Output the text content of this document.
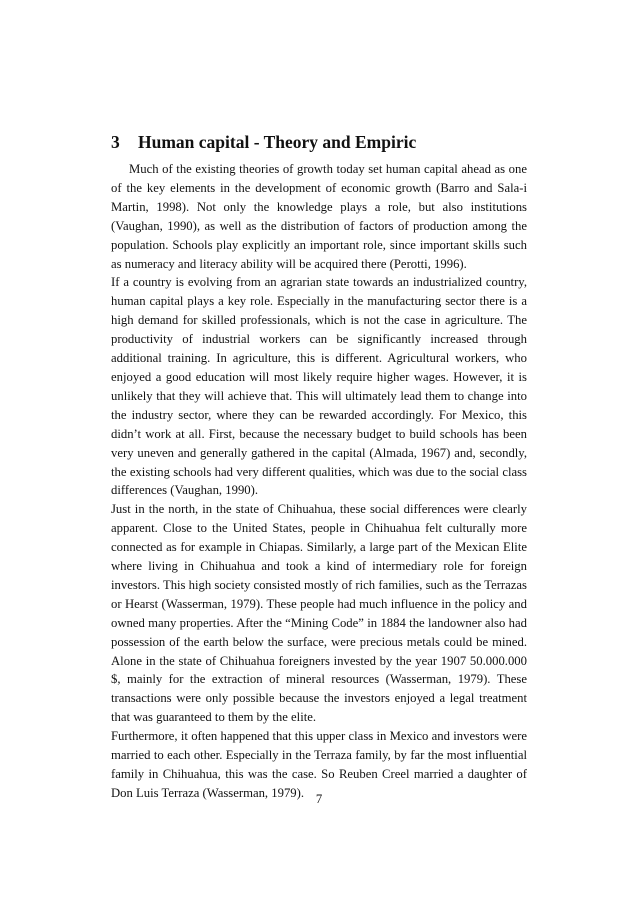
3 Human capital - Theory and Empiric

Much of the existing theories of growth today set human capital ahead as one of the key elements in the development of economic growth (Barro and Sala-i Martin, 1998). Not only the knowledge plays a role, but also institutions (Vaughan, 1990), as well as the distribution of factors of production among the population. Schools play explicitly an important role, since important skills such as numeracy and literacy ability will be acquired there (Perotti, 1996).

If a country is evolving from an agrarian state towards an industrialized country, human capital plays a key role. Especially in the manufacturing sector there is a high demand for skilled professionals, which is not the case in agriculture. The productivity of industrial workers can be significantly increased through additional training. In agriculture, this is different. Agricultural workers, who enjoyed a good education will most likely require higher wages. However, it is unlikely that they will achieve that. This will ultimately lead them to change into the industry sector, where they can be rewarded accordingly. For Mexico, this didn’t work at all. First, because the necessary budget to build schools has been very uneven and generally gathered in the capital (Almada, 1967) and, secondly, the existing schools had very different qualities, which was due to the social class differences (Vaughan, 1990).

Just in the north, in the state of Chihuahua, these social differences were clearly apparent. Close to the United States, people in Chihuahua felt culturally more connected as for example in Chiapas. Similarly, a large part of the Mexican Elite where living in Chihuahua and took a kind of intermediary role for foreign investors. This high society consisted mostly of rich families, such as the Terrazas or Hearst (Wasserman, 1979). These people had much influence in the policy and owned many properties. After the “Mining Code” in 1884 the landowner also had possession of the earth below the surface, were precious metals could be mined. Alone in the state of Chihuahua foreigners invested by the year 1907 50.000.000 $, mainly for the extraction of mineral resources (Wasserman, 1979). These transactions were only possible because the investors enjoyed a legal treatment that was guaranteed to them by the elite.

Furthermore, it often happened that this upper class in Mexico and investors were married to each other. Especially in the Terraza family, by far the most influential family in Chihuahua, this was the case. So Reuben Creel married a daughter of Don Luis Terraza (Wasserman, 1979). 7
